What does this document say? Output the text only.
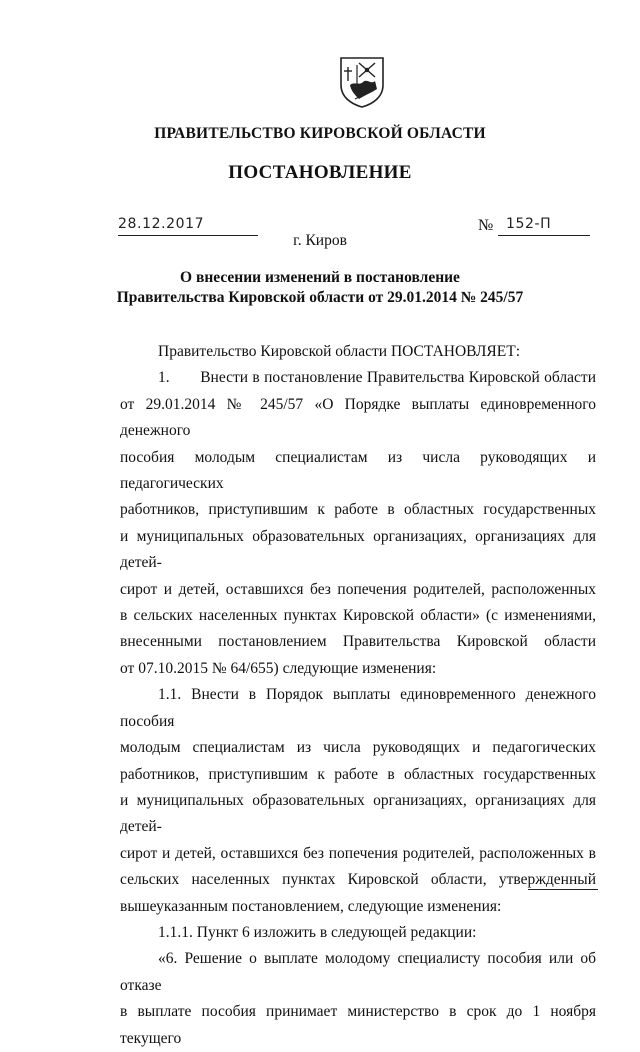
ПРАВИТЕЛЬСТВО КИРОВСКОЙ ОБЛАСТИ
ПОСТАНОВЛЕНИЕ
28.12.2017	№ 152-П
г. Киров
О внесении изменений в постановление
Правительства Кировской области от 29.01.2014 № 245/57

Правительство Кировской области ПОСТАНОВЛЯЕТ:

1.       Внести в постановление Правительства Кировской области

от 29.01.2014 № 245/57 «О Порядке выплаты единовременного денежного

пособия молодым специалистам из числа руководящих и педагогических

работников, приступившим к работе в областных государственных

и муниципальных образовательных организациях, организациях для детей-

сирот и детей, оставшихся без попечения родителей, расположенных

в сельских населенных пунктах Кировской области» (с изменениями,

внесенными постановлением Правительства Кировской области

от 07.10.2015 № 64/655) следующие изменения:

1.1. Внести в Порядок выплаты единовременного денежного пособия

молодым специалистам из числа руководящих и педагогических

работников, приступившим к работе в областных государственных

и муниципальных образовательных организациях, организациях для детей-

сирот и детей, оставшихся без попечения родителей, расположенных в

сельских населенных пунктах Кировской области, утвержденный

вышеуказанным постановлением, следующие изменения:

1.1.1. Пункт 6 изложить в следующей редакции:

«6. Решение о выплате молодому специалисту пособия или об отказе

в выплате пособия принимает министерство в срок до 1 ноября текущего
